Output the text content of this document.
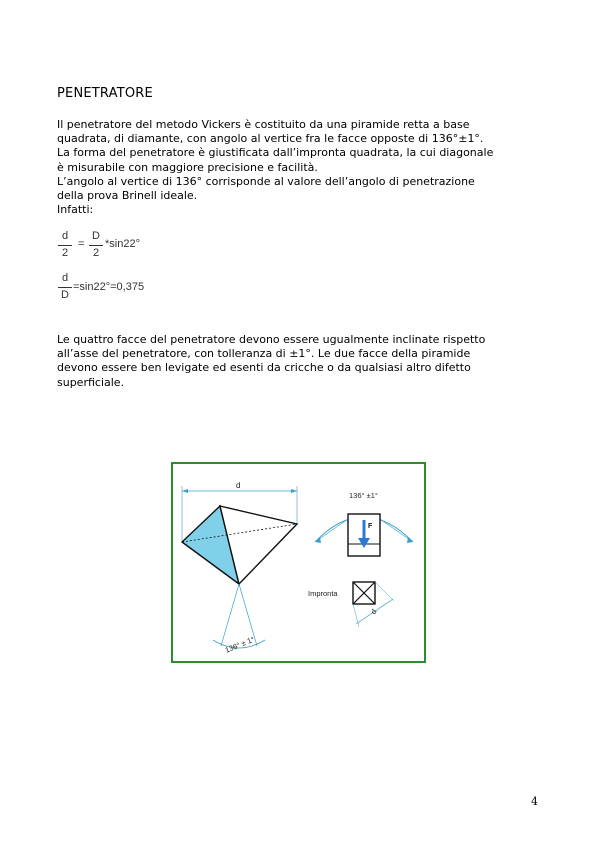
PENETRATORE
Il penetratore del metodo Vickers è costituito da una piramide retta a base
quadrata, di diamante, con angolo al vertice fra le facce opposte di 136°±1°.
La forma del penetratore è giustificata dall’impronta quadrata, la cui diagonale
è misurabile con maggiore precisione e facilità.
L’angolo al vertice di 136° corrisponde al valore dell’angolo di penetrazione
della prova Brinell ideale.
Infatti:
d
2
=
D
2
*sin22°
d
D
=sin22°=0,375
Le quattro facce del penetratore devono essere ugualmente inclinate rispetto
all’asse del penetratore, con tolleranza di ±1°. Le due facce della piramide
devono essere ben levigate ed esenti da cricche o da qualsiasi altro difetto
superficiale.
d
136° ± 1°
136° ±1°
F
Impronta
d
4
